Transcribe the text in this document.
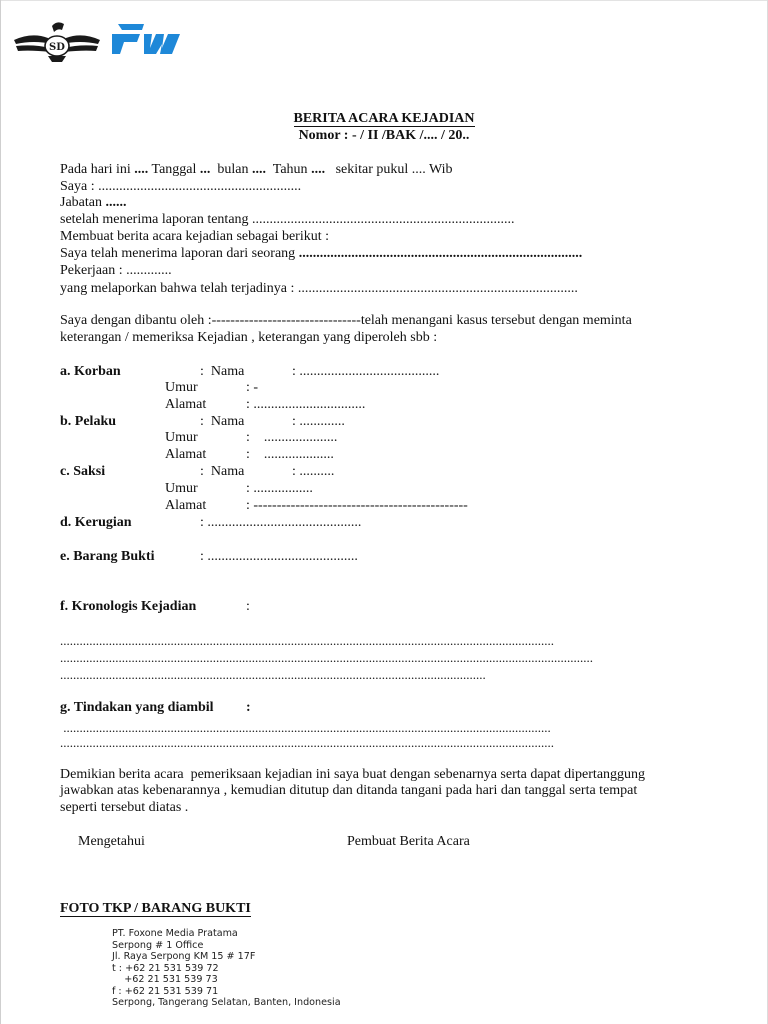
SD
BERITA ACARA KEJADIAN
Nomor : - / II /BAK /.... / 20..
Pada hari ini .... Tanggal ...  bulan ....  Tahun ....   sekitar pukul .... Wib
Saya : ..........................................................
Jabatan ......
setelah menerima laporan tentang ...........................................................................
Membuat berita acara kejadian sebagai berikut :
Saya telah menerima laporan dari seorang .................................................................................
Pekerjaan : .............
yang melaporkan bahwa telah terjadinya : ................................................................................
Saya dengan dibantu oleh :--------------------------------telah menangani kasus tersebut dengan meminta
keterangan / memeriksa Kejadian , keterangan yang diperoleh sbb :
a. Korban	:  Nama	: ........................................
Umur	: -
Alamat	: ................................
b. Pelaku	:  Nama	: .............
Umur	:    .....................
Alamat	:    ....................
c. Saksi	:  Nama	: ..........
Umur	: .................
Alamat	: ----------------------------------------------
d. Kerugian	: ............................................
e. Barang Bukti	: ...........................................
f. Kronologis Kejadian	:
........................................................................................................................................................
....................................................................................................................................................................
...................................................................................................................................
g. Tindakan yang diambil :
......................................................................................................................................................
........................................................................................................................................................
Demikian berita acara  pemeriksaan kejadian ini saya buat dengan sebenarnya serta dapat dipertanggung
jawabkan atas kebenarannya , kemudian ditutup dan ditanda tangani pada hari dan tanggal serta tempat
seperti tersebut diatas .
Mengetahui	Pembuat Berita Acara
FOTO TKP / BARANG BUKTI
PT. Foxone Media Pratama
Serpong # 1 Office
Jl. Raya Serpong KM 15 # 17F
t : +62 21 531 539 72
+62 21 531 539 73
f : +62 21 531 539 71
Serpong, Tangerang Selatan, Banten, Indonesia
